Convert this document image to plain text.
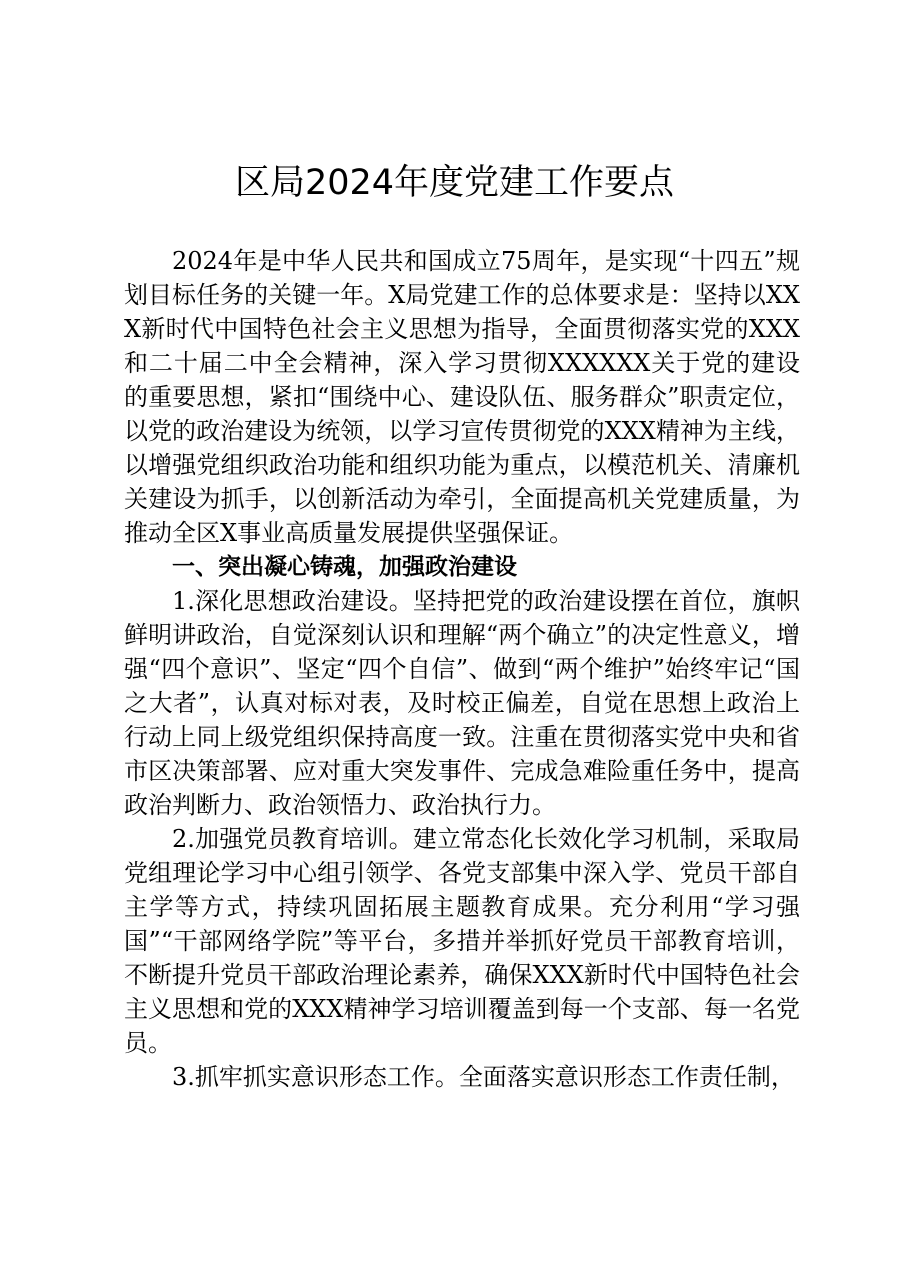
区局2024年度党建工作要点

2024年是中华人民共和国成立75周年，是实现“十四五”规划目标任务的关键一年。X局党建工作的总体要求是：坚持以XXX新时代中国特色社会主义思想为指导，全面贯彻落实党的XXX和二十届二中全会精神，深入学习贯彻XXXXXX关于党的建设的重要思想，紧扣“围绕中心、建设队伍、服务群众”职责定位，以党的政治建设为统领，以学习宣传贯彻党的XXX精神为主线，以增强党组织政治功能和组织功能为重点，以模范机关、清廉机关建设为抓手，以创新活动为牵引，全面提高机关党建质量，为推动全区X事业高质量发展提供坚强保证。

一、突出凝心铸魂，加强政治建设

1.深化思想政治建设。坚持把党的政治建设摆在首位，旗帜鲜明讲政治，自觉深刻认识和理解“两个确立”的决定性意义，增强“四个意识”、坚定“四个自信”、做到“两个维护”始终牢记“国之大者”，认真对标对表，及时校正偏差，自觉在思想上政治上行动上同上级党组织保持高度一致。注重在贯彻落实党中央和省市区决策部署、应对重大突发事件、完成急难险重任务中，提高政治判断力、政治领悟力、政治执行力。

2.加强党员教育培训。建立常态化长效化学习机制，采取局党组理论学习中心组引领学、各党支部集中深入学、党员干部自主学等方式，持续巩固拓展主题教育成果。充分利用“学习强国”“干部网络学院”等平台，多措并举抓好党员干部教育培训，不断提升党员干部政治理论素养，确保XXX新时代中国特色社会主义思想和党的XXX精神学习培训覆盖到每一个支部、每一名党员。

3.抓牢抓实意识形态工作。全面落实意识形态工作责任制，
